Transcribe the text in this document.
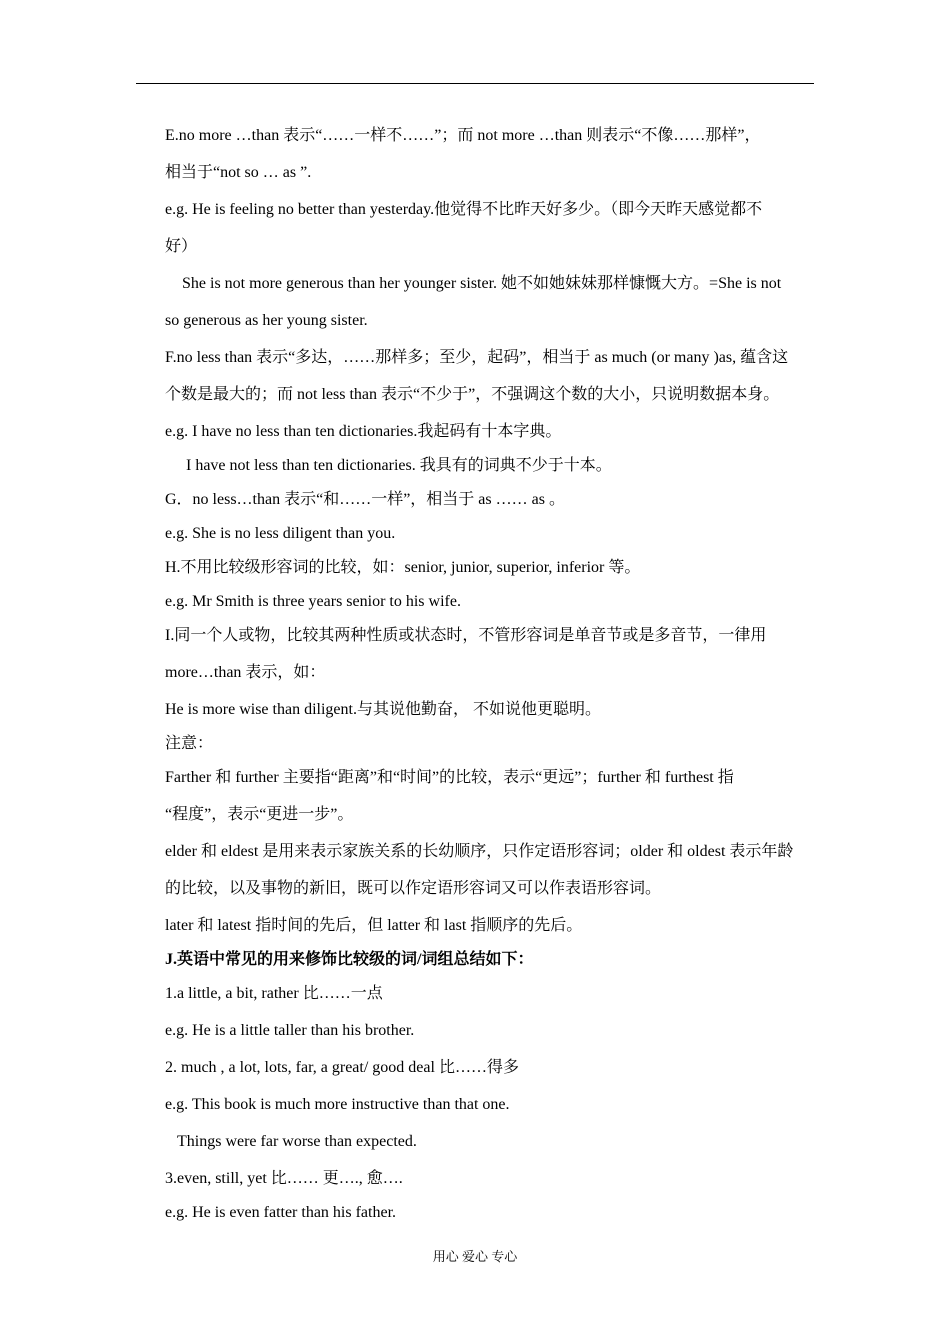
E.no more …than 表示“……一样不……”；而 not more …than 则表示“不像……那样”，
相当于“not so … as ”.
e.g. He is feeling no better than yesterday.他觉得不比昨天好多少。（即今天昨天感觉都不
好）
She is not more generous than her younger sister. 她不如她妹妹那样慷慨大方。=She is not
so generous as her young sister.
F.no less than 表示“多达，……那样多；至少，起码”，相当于 as much (or many )as, 蕴含这
个数是最大的；而 not less than 表示“不少于”，不强调这个数的大小，只说明数据本身。
e.g. I have no less than ten dictionaries.我起码有十本字典。
I have not less than ten dictionaries. 我具有的词典不少于十本。
G．no less…than 表示“和……一样”，相当于 as …… as 。
e.g. She is no less diligent than you.
H.不用比较级形容词的比较，如：senior, junior, superior, inferior 等。
e.g. Mr Smith is three years senior to his wife.
I.同一个人或物，比较其两种性质或状态时，不管形容词是单音节或是多音节，一律用
more…than 表示，如：
He is more wise than diligent.与其说他勤奋， 不如说他更聪明。
注意：
Farther 和 further 主要指“距离”和“时间”的比较，表示“更远”；further 和 furthest 指
“程度”，表示“更进一步”。
elder 和 eldest 是用来表示家族关系的长幼顺序，只作定语形容词；older 和 oldest 表示年龄
的比较，以及事物的新旧，既可以作定语形容词又可以作表语形容词。
later 和 latest 指时间的先后，但 latter 和 last 指顺序的先后。
J.英语中常见的用来修饰比较级的词/词组总结如下：
1.a little, a bit, rather 比……一点
e.g. He is a little taller than his brother.
2. much , a lot, lots, far, a great/ good deal 比……得多
e.g. This book is much more instructive than that one.
Things were far worse than expected.
3.even, still, yet 比…… 更…., 愈….
e.g. He is even fatter than his father.
用心 爱心 专心
